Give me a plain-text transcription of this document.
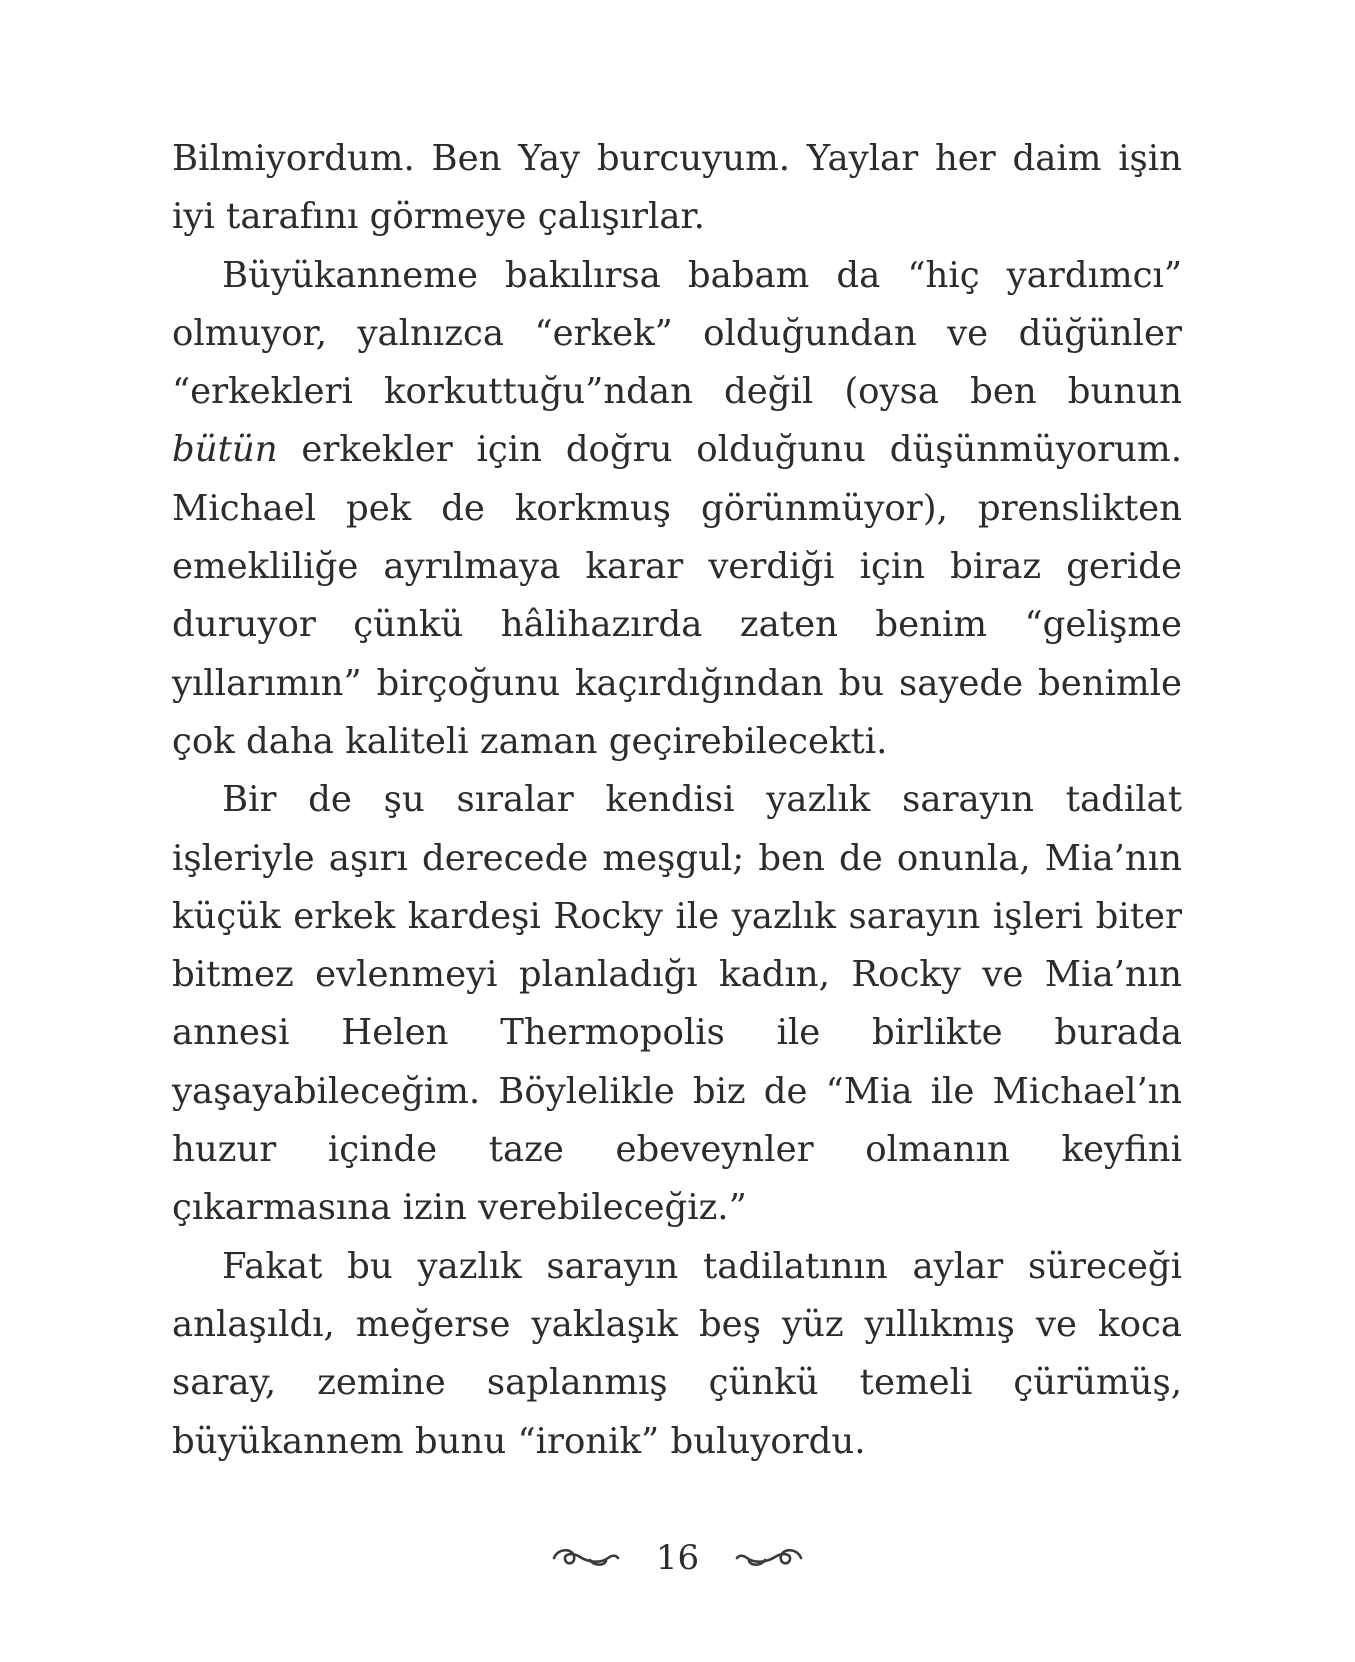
Bilmiyordum. Ben Yay burcuyum. Yaylar her daim işin iyi tarafını görmeye çalışırlar.

Büyükanneme bakılırsa babam da “hiç yardımcı” olmuyor, yalnızca “erkek” olduğundan ve düğünler “erkekleri korkuttuğu”ndan değil (oysa ben bunun bütün erkekler için doğru olduğunu düşünmüyorum. Michael pek de korkmuş görünmüyor), prenslikten emekliliğe ayrılmaya karar verdiği için biraz geride duruyor çünkü hâlihazırda zaten benim “gelişme yıllarımın” birçoğunu kaçırdığından bu sayede benimle çok daha kaliteli zaman geçirebilecekti.

Bir de şu sıralar kendisi yazlık sarayın tadilat işleriyle aşırı derecede meşgul; ben de onunla, Mia’nın küçük erkek kardeşi Rocky ile yazlık sarayın işleri biter bitmez evlenmeyi planladığı kadın, Rocky ve Mia’nın annesi Helen Thermopolis ile birlikte burada yaşayabileceğim. Böylelikle biz de “Mia ile Michael’ın huzur içinde taze ebeveynler olmanın keyfini çıkarmasına izin verebileceğiz.”

Fakat bu yazlık sarayın tadilatının aylar süreceği anlaşıldı, meğerse yaklaşık beş yüz yıllıkmış ve koca saray, zemine saplanmış çünkü temeli çürümüş, büyükannem bunu “ironik” buluyordu.

16
